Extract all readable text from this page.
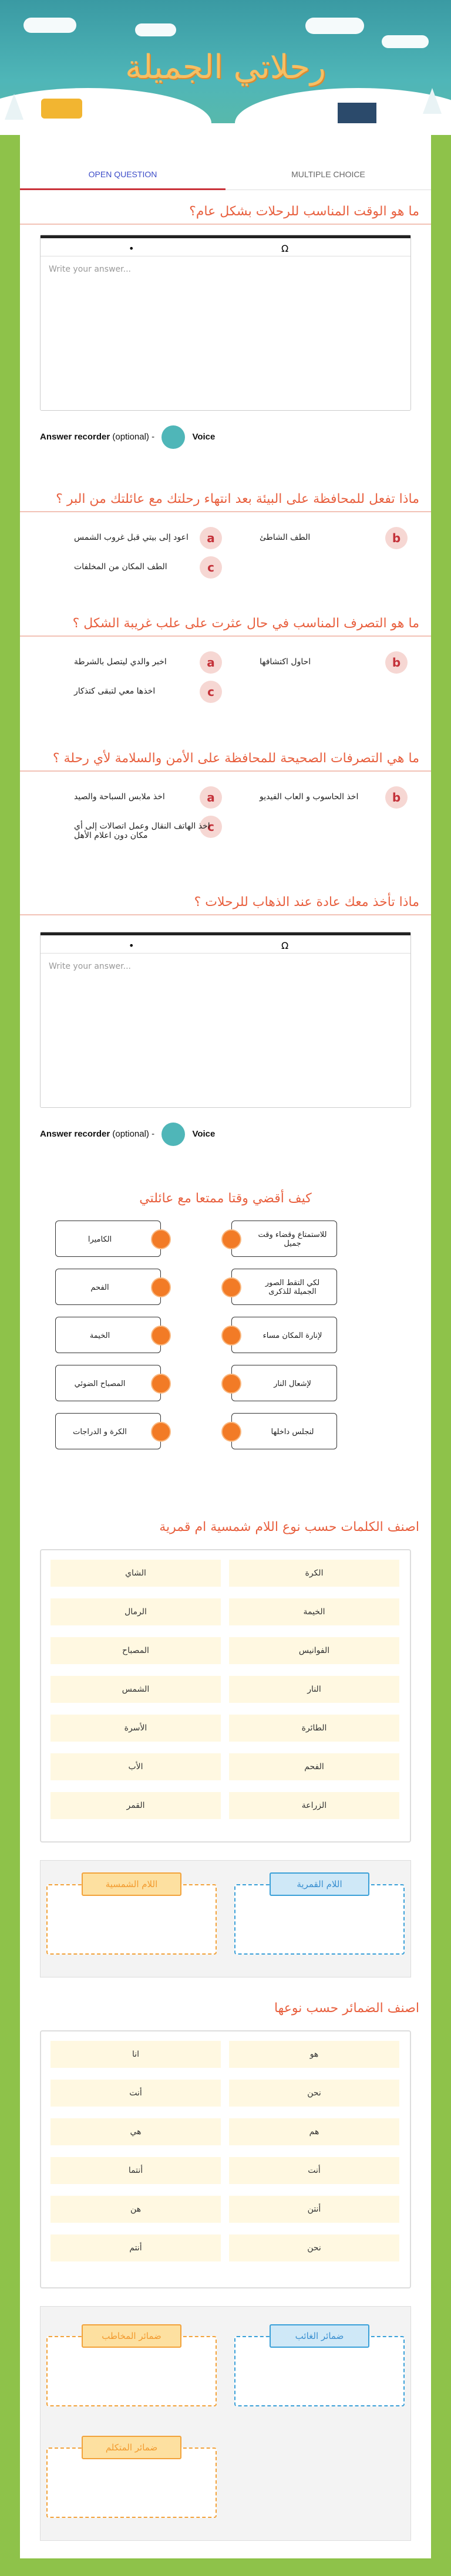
رحلاتي الجميلة
OPEN QUESTION	MULTIPLE CHOICE
ما هو الوقت المناسب للرحلات بشكل عام؟
•	Ω
Write your answer...
Answer recorder (optional) -	Voice
ماذا تفعل للمحافظة على البيئة بعد انتهاء رحلتك مع عائلتك من البر ؟
a
اعود إلى بيتي قبل غروب الشمس	b
الطف الشاطئ
c
الطف المكان من المخلفات
ما هو التصرف المناسب في حال عثرت على علب غريبة الشكل ؟
a
اخبر والدي ليتصل بالشرطة	b
احاول اكتشافها
c
اخذها معي لتبقى كتذكار
ما هي التصرفات الصحيحة للمحافظة على الأمن والسلامة لأي رحلة ؟
a
اخذ ملابس السباحة والصيد	b
اخذ الحاسوب و العاب الفيديو
c
اخذ الهاتف النقال وعمل اتصالات إلى أي مكان دون اعلام الأهل
ماذا تأخذ معك عادة عند الذهاب للرحلات ؟
•	Ω
Write your answer...
Answer recorder (optional) -	Voice
كيف أقضي وقتا ممتعا مع عائلتي
الكاميرا	للاستمتاع وقضاء وقت جميل
الفحم	لكي التقط الصور الجميلة للذكرى
الخيمة	لإنارة المكان مساء
المصباح الضوئي	لإشعال النار
الكرة و الدراجات	لنجلس داخلها
اصنف الكلمات حسب نوع اللام شمسية ام قمرية
الشاي	الكرة
الرمال	الخيمة
المصباح	الفوانيس
الشمس	النار
الأسرة	الطائرة
الأب	الفحم
القمر	الزراعة
اللام الشمسية	اللام القمرية
اصنف الضمائر حسب نوعها
انا	هو
أنت	نحن
هي	هم
أنتما	أنت
هن	أنتن
أنتم	نحن
ضمائر المخاطب	ضمائر الغائب
ضمائر المتكلم
